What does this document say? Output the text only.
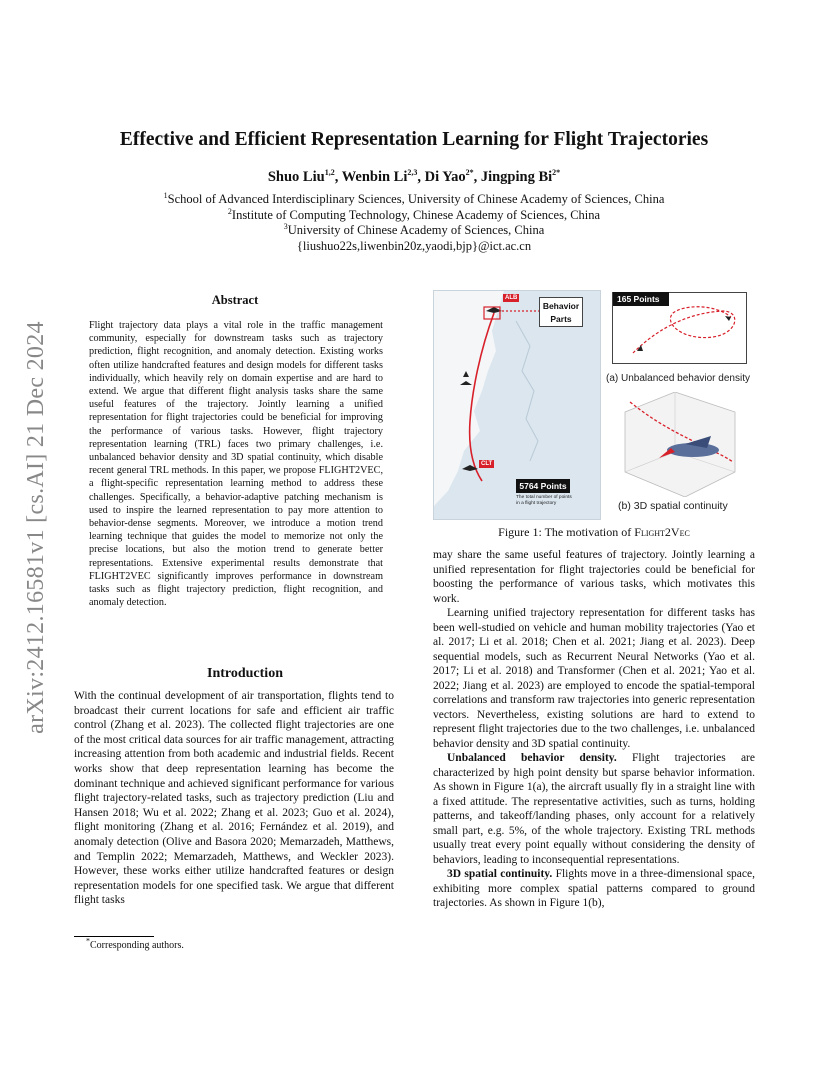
arXiv:2412.16581v1 [cs.AI] 21 Dec 2024
Effective and Efficient Representation Learning for Flight Trajectories
Shuo Liu$^{1,2}$, Wenbin Li$^{2,3}$, Di Yao$^{2*}$, Jingping $Bi^{2*}$
$^1$School of Advanced Interdisciplinary Sciences, University of Chinese Academy of Sciences, China
$^2$Institute of Computing Technology, Chinese Academy of Sciences, China
$^3$University of Chinese Academy of Sciences, China
{liushuo22s,liwenbin20z,yaodi,bjp}@ict.ac.cn
Abstract
Flight trajectory data plays a vital role in the traffic management community, especially for downstream tasks such as trajectory prediction, flight recognition, and anomaly detection. Existing works often utilize handcrafted features and design models for different tasks individually, which heavily rely on domain expertise and are hard to extend. We argue that different flight analysis tasks share the same useful features of the trajectory. Jointly learning a unified representation for flight trajectories could be beneficial for improving the performance of various tasks. However, flight trajectory representation learning (TRL) faces two primary challenges, i.e. unbalanced behavior density and 3D spatial continuity, which disable recent general TRL methods. In this paper, we propose FLIGHT2VEC, a flight-specific representation learning method to address these challenges. Specifically, a behavior-adaptive patching mechanism is used to inspire the learned representation to pay more attention to behavior-dense segments. Moreover, we introduce a motion trend learning technique that guides the model to memorize not only the precise locations, but also the motion trend to generate better representations. Extensive experimental results demonstrate that FLIGHT2VEC significantly improves performance in downstream tasks such as flight trajectory prediction, flight recognition, and anomaly detection.
Introduction
With the continual development of air transportation, flights tend to broadcast their current locations for safe and efficient air traffic control (Zhang et al. 2023). The collected flight trajectories are one of the most critical data sources for air traffic management, attracting increasing attention from both academic and industrial fields. Recent works show that deep representation learning has become the dominant technique and achieved significant performance for various flight trajectory-related tasks, such as trajectory prediction (Liu and Hansen 2018; Wu et al. 2022; Zhang et al. 2023; Guo et al. 2024), flight monitoring (Zhang et al. 2016; Fernández et al. 2019), and anomaly detection (Olive and Basora 2020; Memarzadeh, Matthews, and Templin 2022; Memarzadeh, Matthews, and Weckler 2023). However, these works either utilize handcrafted features or design representation models for one specified task. We argue that different flight tasks
*Corresponding authors.
ALB
CLT
Behavior Parts
165 Points
(a) Unbalanced behavior density
(b) 3D spatial continuity
5764 Points
The total number of points in a flight trajectory
Figure 1: The motivation of Flight2Vec

may share the same useful features of trajectory. Jointly learning a unified representation for flight trajectories could be beneficial for boosting the performance of various tasks, which motivates this work.

Learning unified trajectory representation for different tasks has been well-studied on vehicle and human mobility trajectories (Yao et al. 2017; Li et al. 2018; Chen et al. 2021; Jiang et al. 2023). Deep sequential models, such as Recurrent Neural Networks (Yao et al. 2017; Li et al. 2018) and Transformer (Chen et al. 2021; Yao et al. 2022; Jiang et al. 2023) are employed to encode the spatial-temporal correlations and transform raw trajectories into generic representation vectors. Nevertheless, existing solutions are hard to extend to represent flight trajectories due to the two challenges, i.e. unbalanced behavior density and 3D spatial continuity.

Unbalanced behavior density. Flight trajectories are characterized by high point density but sparse behavior information. As shown in Figure 1(a), the aircraft usually fly in a straight line with a fixed attitude. The representative activities, such as turns, holding patterns, and takeoff/landing phases, only account for a relatively small part, e.g. 5%, of the whole trajectory. Existing TRL methods usually treat every point equally without considering the density of behaviors, leading to inconsequential representations.

3D spatial continuity. Flights move in a three-dimensional space, exhibiting more complex spatial patterns compared to ground trajectories. As shown in Figure 1(b),
